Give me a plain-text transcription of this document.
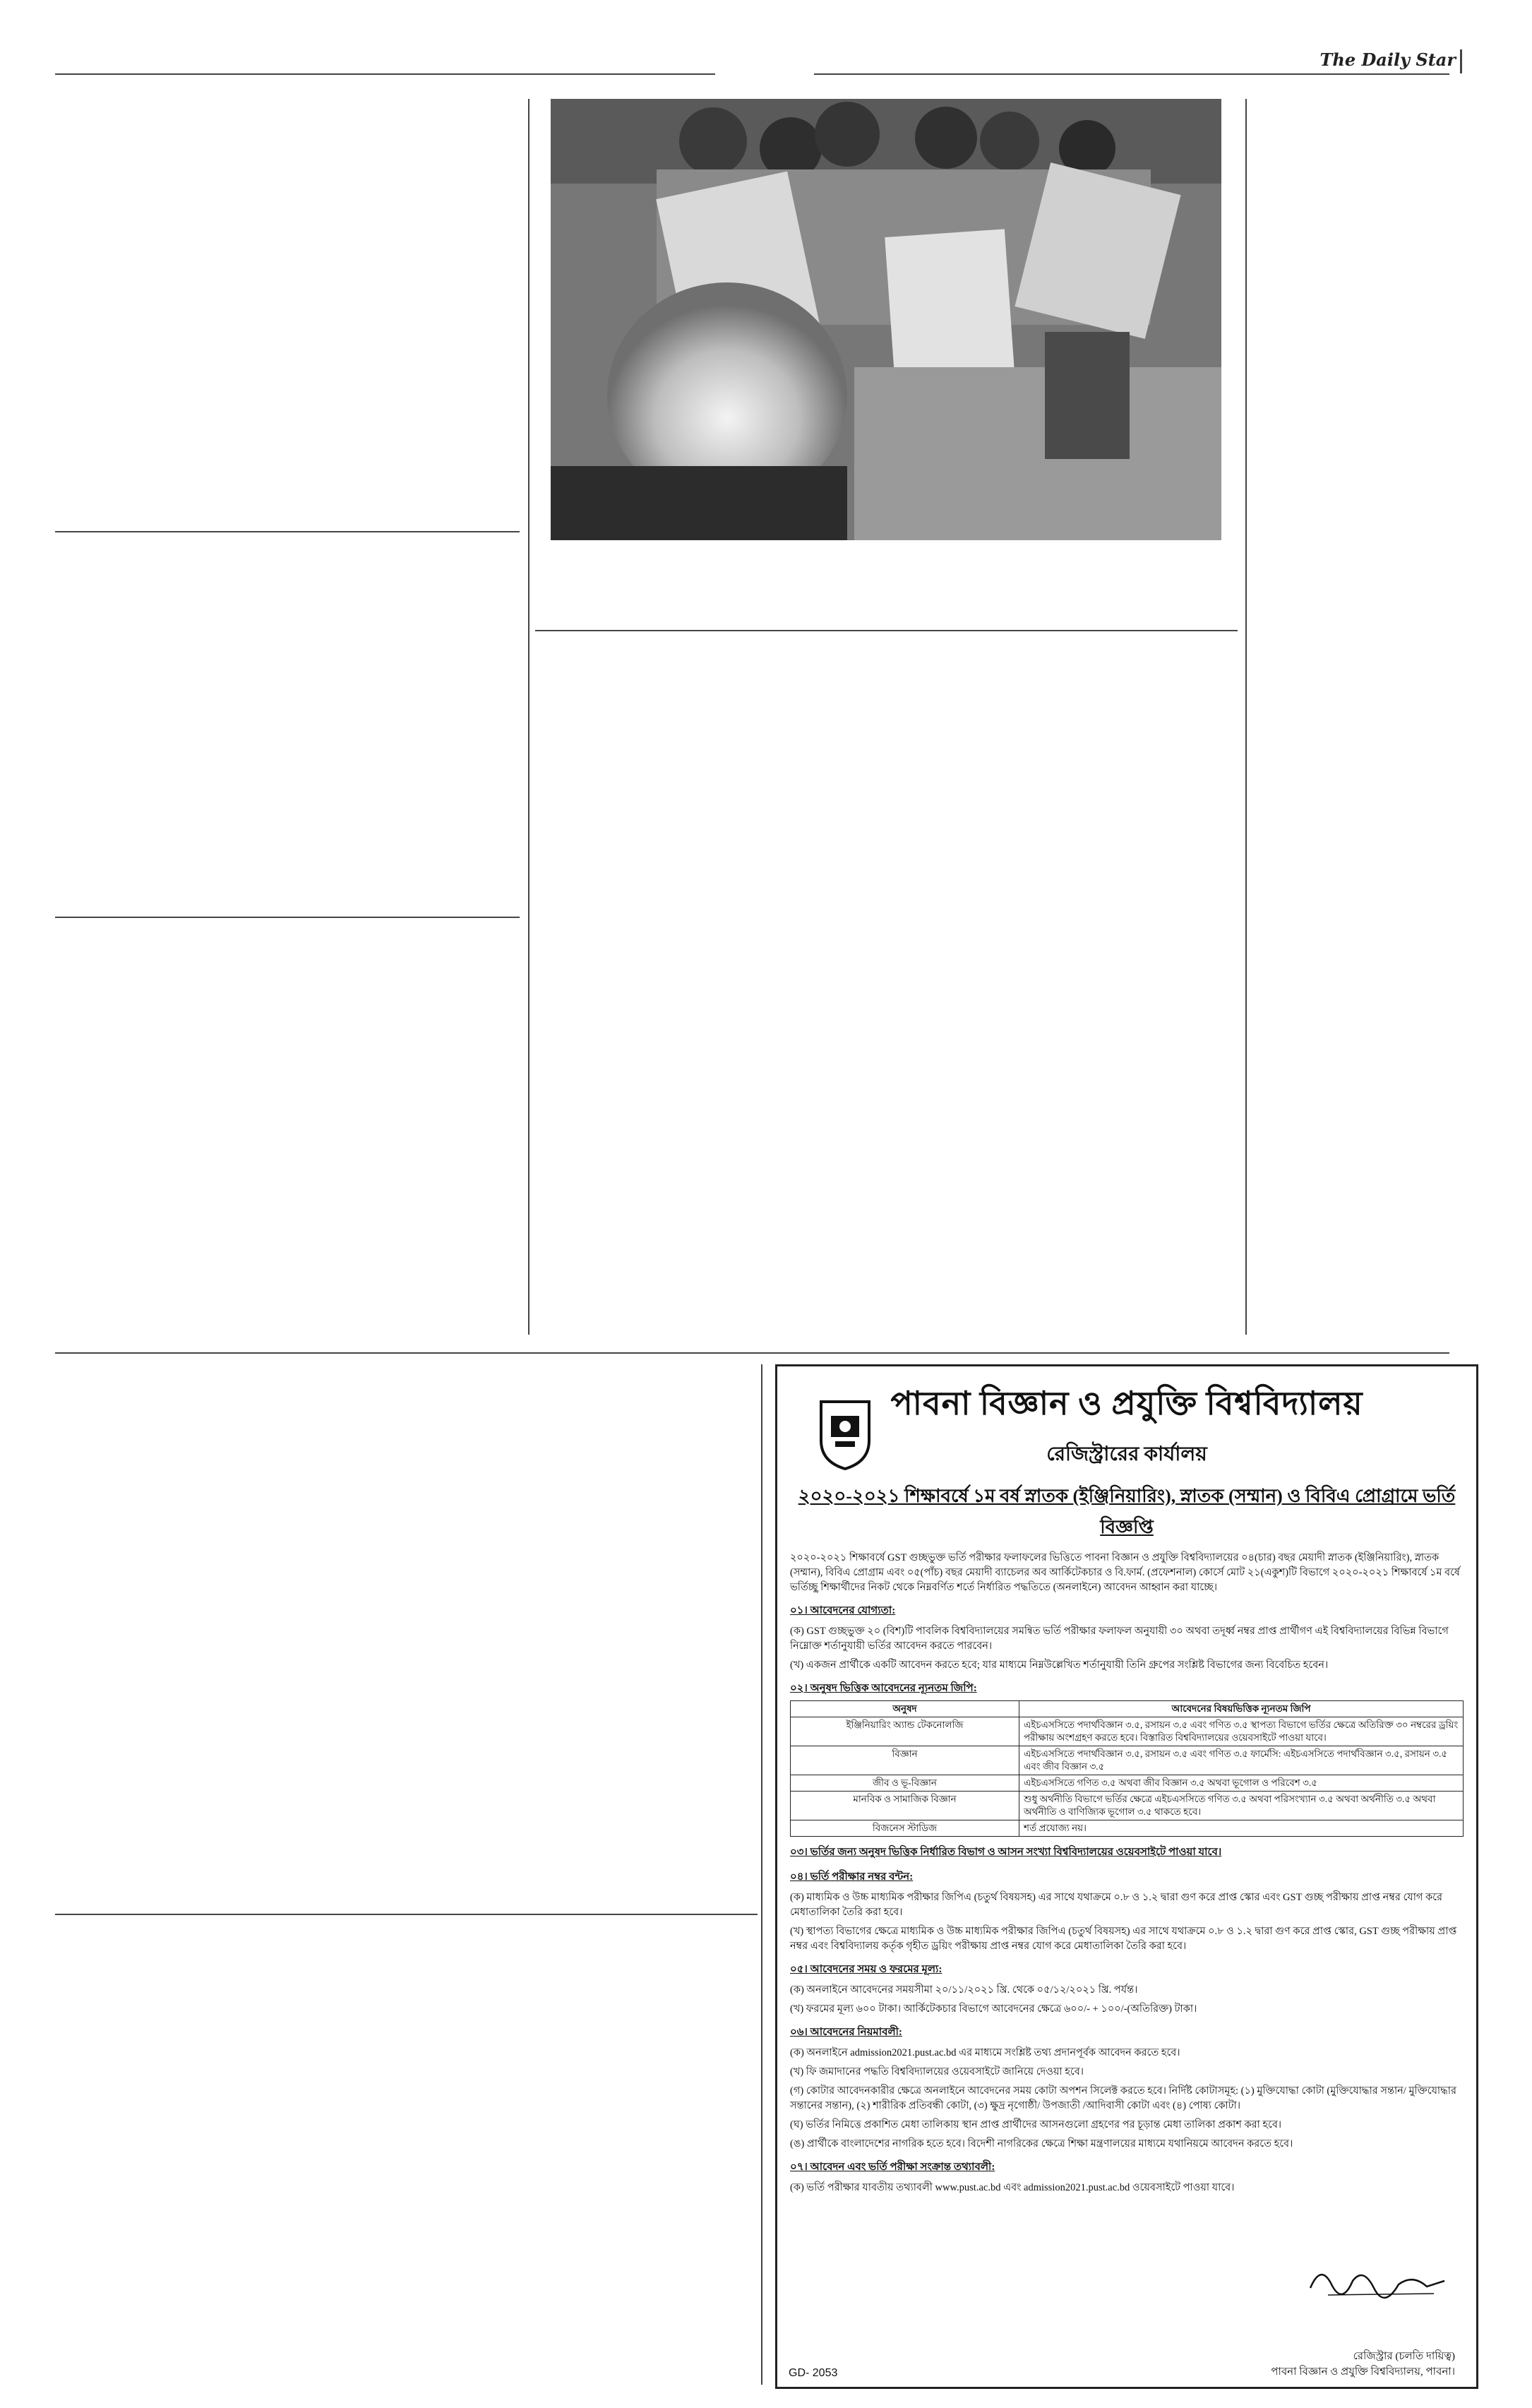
The Daily Star
পাবনা বিজ্ঞান ও প্রযুক্তি বিশ্ববিদ্যালয়
রেজিস্ট্রারের কার্যালয়
২০২০-২০২১ শিক্ষাবর্ষে ১ম বর্ষ স্নাতক (ইঞ্জিনিয়ারিং), স্নাতক (সম্মান) ও বিবিএ প্রোগ্রামে ভর্তি বিজ্ঞপ্তি

২০২০-২০২১ শিক্ষাবর্ষে GST গুচ্ছভুক্ত ভর্তি পরীক্ষার ফলাফলের ভিত্তিতে পাবনা বিজ্ঞান ও প্রযুক্তি বিশ্ববিদ্যালয়ের ০৪(চার) বছর মেয়াদী স্নাতক (ইঞ্জিনিয়ারিং), স্নাতক (সম্মান), বিবিএ প্রোগ্রাম এবং ০৫(পাঁচ) বছর মেয়াদী ব্যাচেলর অব আর্কিটেকচার ও বি.ফার্ম. (প্রফেশনাল) কোর্সে মোট ২১(একুশ)টি বিভাগে ২০২০-২০২১ শিক্ষাবর্ষে ১ম বর্ষে ভর্তিচ্ছু শিক্ষার্থীদের নিকট থেকে নিম্নবর্ণিত শর্তে নির্ধারিত পদ্ধতিতে (অনলাইনে) আবেদন আহ্বান করা যাচ্ছে।

০১। আবেদনের যোগ্যতা:

(ক) GST গুচ্ছভুক্ত ২০ (বিশ)টি পাবলিক বিশ্ববিদ্যালয়ের সমন্বিত ভর্তি পরীক্ষার ফলাফল অনুযায়ী ৩০ অথবা তদূর্ধ্ব নম্বর প্রাপ্ত প্রার্থীগণ এই বিশ্ববিদ্যালয়ের বিভিন্ন বিভাগে নিম্নোক্ত শর্তানুযায়ী ভর্তির আবেদন করতে পারবেন।

(খ) একজন প্রার্থীকে একটি আবেদন করতে হবে; যার মাধ্যমে নিম্নউল্লেখিত শর্তানুযায়ী তিনি গ্রুপের সংশ্লিষ্ট বিভাগের জন্য বিবেচিত হবেন।

০২। অনুষদ ভিত্তিক আবেদনের ন্যূনতম জিপি:
অনুষদ	আবেদনের বিষয়ভিত্তিক ন্যূনতম জিপি
ইঞ্জিনিয়ারিং অ্যান্ড টেকনোলজি	এইচএসসিতে পদার্থবিজ্ঞান ৩.৫, রসায়ন ৩.৫ এবং গণিত ৩.৫ স্থাপত্য বিভাগে ভর্তির ক্ষেত্রে অতিরিক্ত ৩০ নম্বরের ড্রয়িং পরীক্ষায় অংশগ্রহণ করতে হবে। বিস্তারিত বিশ্ববিদ্যালয়ের ওয়েবসাইটে পাওয়া যাবে।
বিজ্ঞান	এইচএসসিতে পদার্থবিজ্ঞান ৩.৫, রসায়ন ৩.৫ এবং গণিত ৩.৫ ফার্মেসি: এইচএসসিতে পদার্থবিজ্ঞান ৩.৫, রসায়ন ৩.৫ এবং জীব বিজ্ঞান ৩.৫
জীব ও ভূ-বিজ্ঞান	এইচএসসিতে গণিত ৩.৫ অথবা জীব বিজ্ঞান ৩.৫ অথবা ভূগোল ও পরিবেশ ৩.৫
মানবিক ও সামাজিক বিজ্ঞান	শুধু অর্থনীতি বিভাগে ভর্তির ক্ষেত্রে এইচএসসিতে গণিত ৩.৫ অথবা পরিসংখ্যান ৩.৫ অথবা অর্থনীতি ৩.৫ অথবা অর্থনীতি ও বাণিজ্যিক ভূগোল ৩.৫ থাকতে হবে।
বিজনেস স্টাডিজ	শর্ত প্রযোজ্য নয়।
০৩। ভর্তির জন্য অনুষদ ভিত্তিক নির্ধারিত বিভাগ ও আসন সংখ্যা বিশ্ববিদ্যালয়ের ওয়েবসাইটে পাওয়া যাবে।
০৪। ভর্তি পরীক্ষার নম্বর বন্টন:

(ক) মাধ্যমিক ও উচ্চ মাধ্যমিক পরীক্ষার জিপিএ (চতুর্থ বিষয়সহ) এর সাথে যথাক্রমে ০.৮ ও ১.২ দ্বারা গুণ করে প্রাপ্ত স্কোর এবং GST গুচ্ছ পরীক্ষায় প্রাপ্ত নম্বর যোগ করে মেধাতালিকা তৈরি করা হবে।

(খ) স্থাপত্য বিভাগের ক্ষেত্রে মাধ্যমিক ও উচ্চ মাধ্যমিক পরীক্ষার জিপিএ (চতুর্থ বিষয়সহ) এর সাথে যথাক্রমে ০.৮ ও ১.২ দ্বারা গুণ করে প্রাপ্ত স্কোর, GST গুচ্ছ পরীক্ষায় প্রাপ্ত নম্বর এবং বিশ্ববিদ্যালয় কর্তৃক গৃহীত ড্রয়িং পরীক্ষায় প্রাপ্ত নম্বর যোগ করে মেধাতালিকা তৈরি করা হবে।

০৫। আবেদনের সময় ও ফরমের মূল্য:

(ক) অনলাইনে আবেদনের সময়সীমা ২০/১১/২০২১ খ্রি. থেকে ০৫/১২/২০২১ খ্রি. পর্যন্ত।

(খ) ফরমের মূল্য ৬০০ টাকা। আর্কিটেকচার বিভাগে আবেদনের ক্ষেত্রে ৬০০/- + ১০০/-(অতিরিক্ত) টাকা।

০৬। আবেদনের নিয়মাবলী:

(ক) অনলাইনে admission2021.pust.ac.bd এর মাধ্যমে সংশ্লিষ্ট তথ্য প্রদানপূর্বক আবেদন করতে হবে।

(খ) ফি জমাদানের পদ্ধতি বিশ্ববিদ্যালয়ের ওয়েবসাইটে জানিয়ে দেওয়া হবে।

(গ) কোটার আবেদনকারীর ক্ষেত্রে অনলাইনে আবেদনের সময় কোটা অপশন সিলেক্ট করতে হবে। নির্দিষ্ট কোটাসমূহ: (১) মুক্তিযোদ্ধা কোটা (মুক্তিযোদ্ধার সন্তান/ মুক্তিযোদ্ধার সন্তানের সন্তান), (২) শারীরিক প্রতিবন্ধী কোটা, (৩) ক্ষুদ্র নৃগোষ্ঠী/ উপজাতী /আদিবাসী কোটা এবং (৪) পোষ্য কোটা।

(ঘ) ভর্তির নিমিত্তে প্রকাশিত মেধা তালিকায় স্থান প্রাপ্ত প্রার্থীদের আসনগুলো গ্রহণের পর চূড়ান্ত মেধা তালিকা প্রকাশ করা হবে।

(ঙ) প্রার্থীকে বাংলাদেশের নাগরিক হতে হবে। বিদেশী নাগরিকের ক্ষেত্রে শিক্ষা মন্ত্রণালয়ের মাধ্যমে যথানিয়মে আবেদন করতে হবে।

০৭। আবেদন এবং ভর্তি পরীক্ষা সংক্রান্ত তথ্যাবলী:

(ক) ভর্তি পরীক্ষার যাবতীয় তথ্যাবলী www.pust.ac.bd এবং admission2021.pust.ac.bd ওয়েবসাইটে পাওয়া যাবে।

GD- 2053
রেজিস্ট্রার (চলতি দায়িত্ব)
পাবনা বিজ্ঞান ও প্রযুক্তি বিশ্ববিদ্যালয়, পাবনা।
